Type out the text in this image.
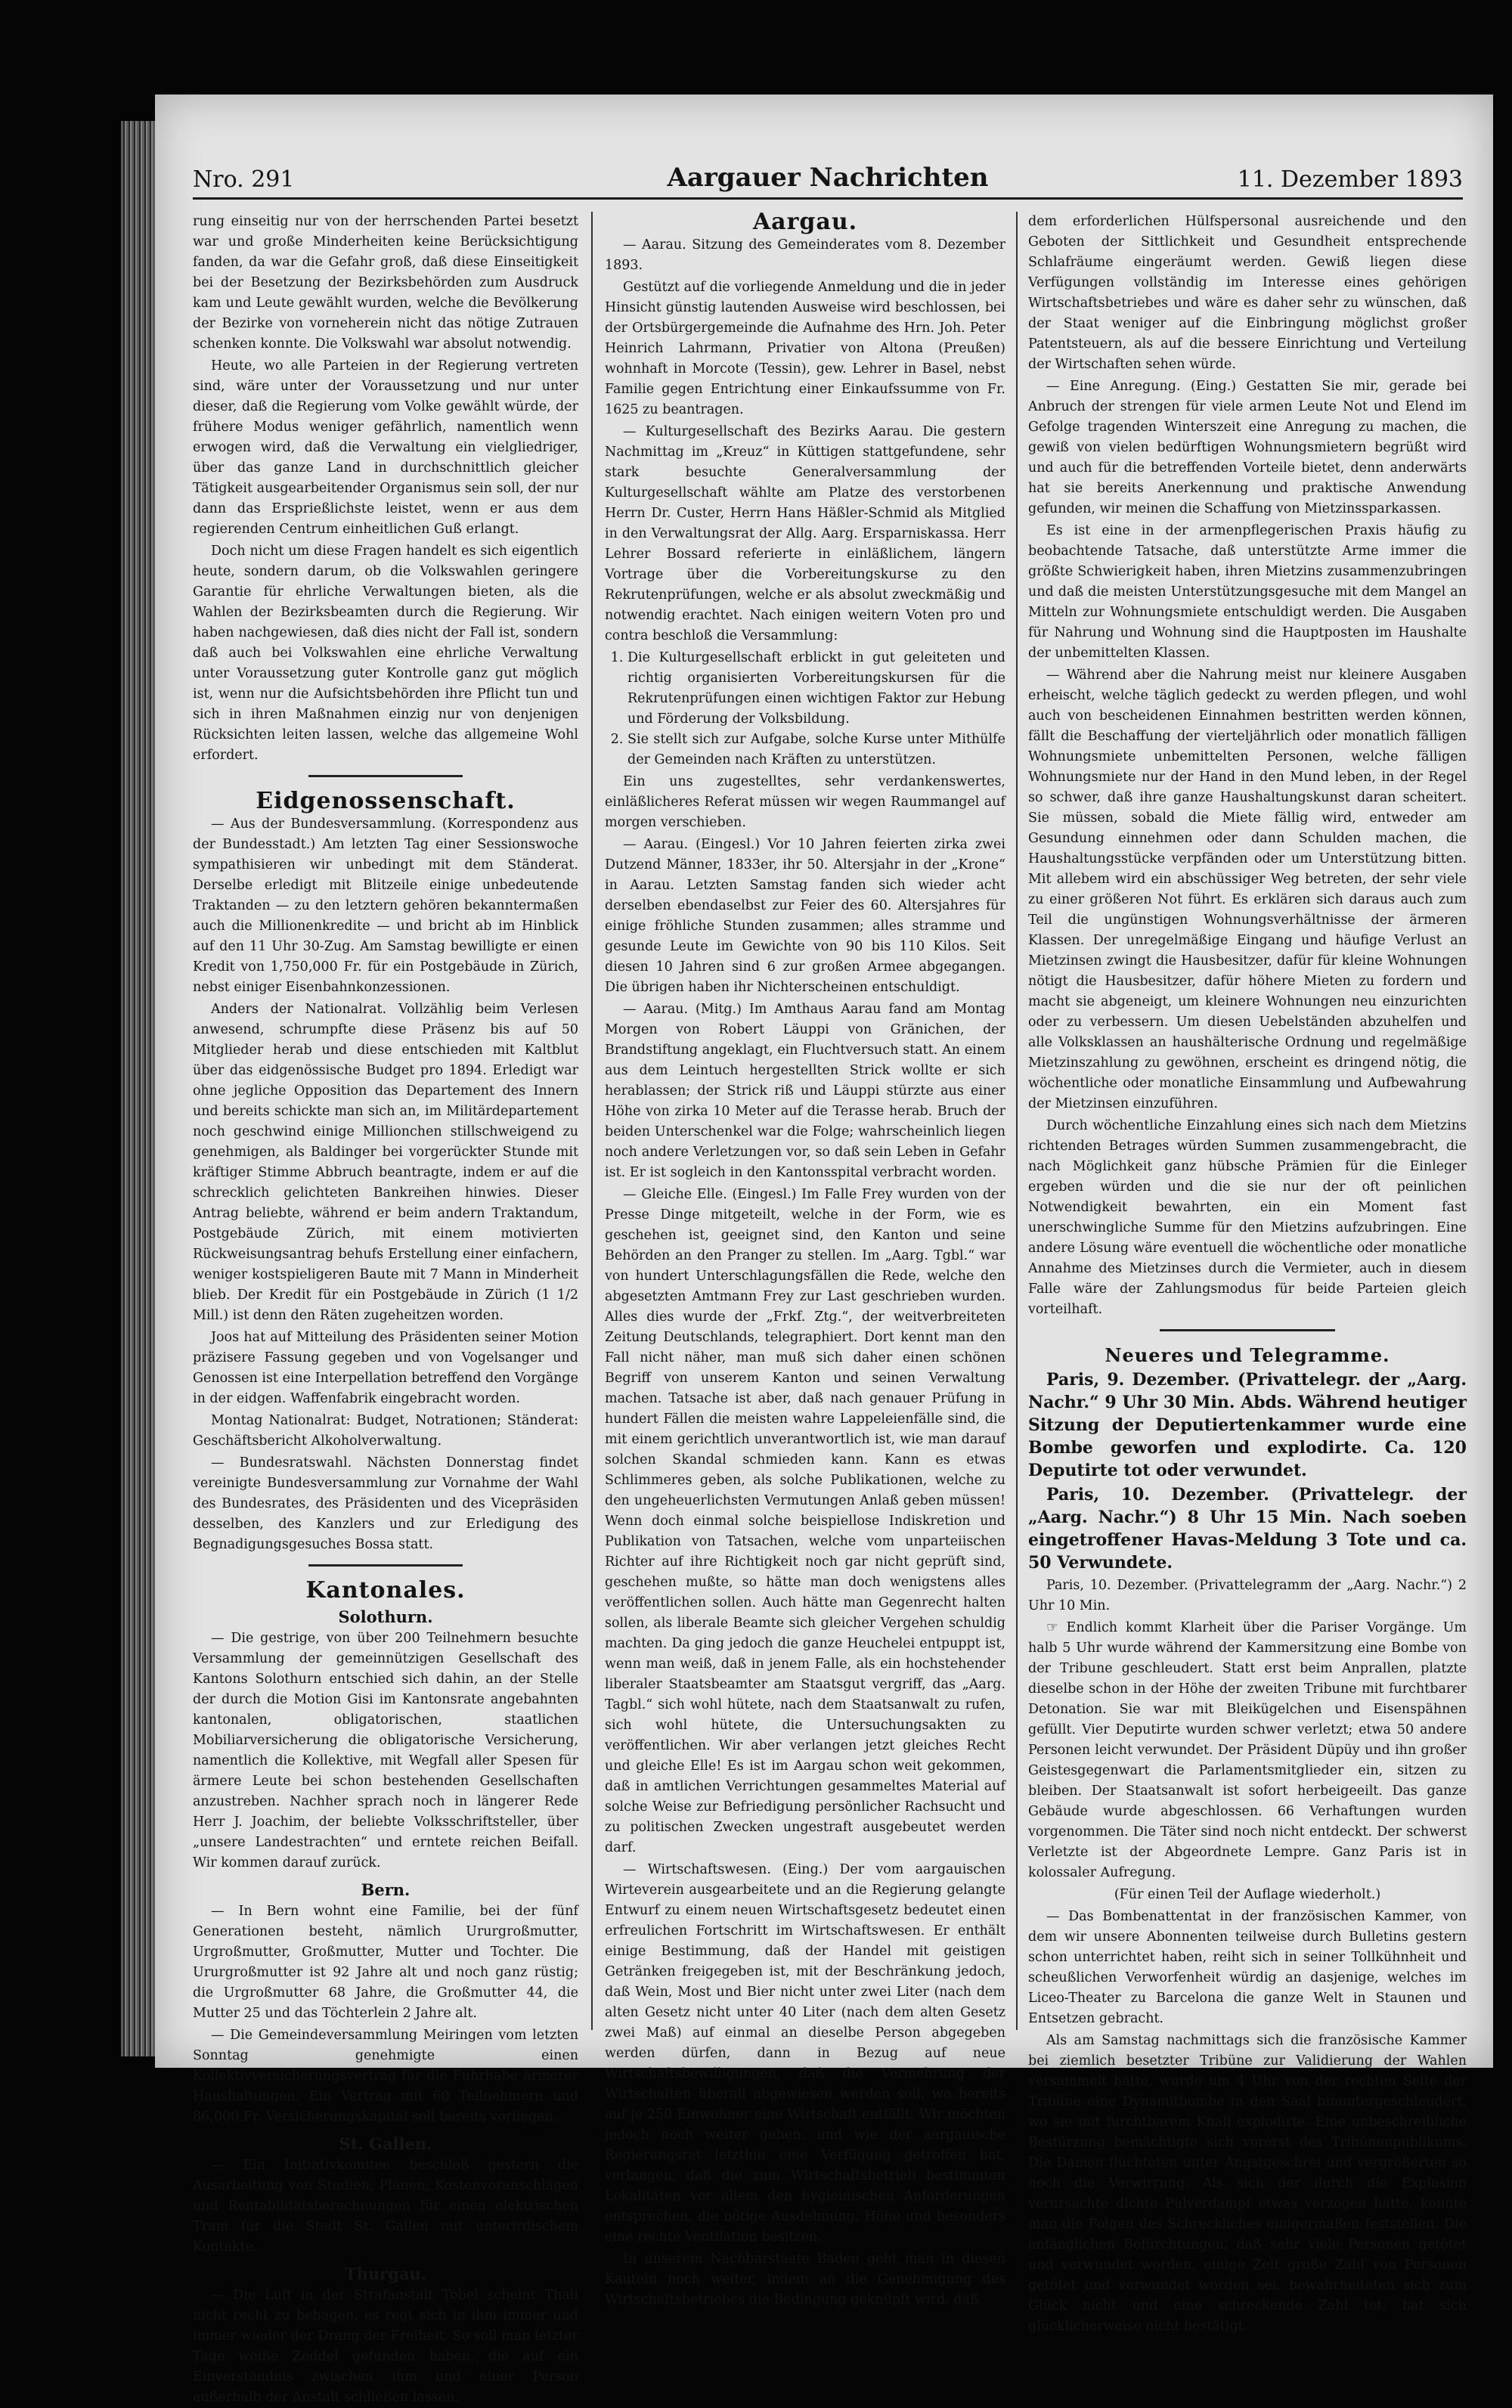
Nro. 291	Aargauer Nachrichten	11. Dezember 1893

rung einseitig nur von der herrschenden Partei besetzt war und große Minderheiten keine Berücksichtigung fanden, da war die Gefahr groß, daß diese Einseitigkeit bei der Besetzung der Bezirksbehörden zum Ausdruck kam und Leute gewählt wurden, welche die Bevölkerung der Bezirke von vorneherein nicht das nötige Zutrauen schenken konnte. Die Volkswahl war absolut notwendig.

Heute, wo alle Parteien in der Regierung vertreten sind, wäre unter der Voraussetzung und nur unter dieser, daß die Regierung vom Volke gewählt würde, der frühere Modus weniger gefährlich, namentlich wenn erwogen wird, daß die Verwaltung ein vielgliedriger, über das ganze Land in durchschnittlich gleicher Tätigkeit ausgearbeitender Organismus sein soll, der nur dann das Ersprießlichste leistet, wenn er aus dem regierenden Centrum einheitlichen Guß erlangt.

Doch nicht um diese Fragen handelt es sich eigentlich heute, sondern darum, ob die Volkswahlen geringere Garantie für ehrliche Verwaltungen bieten, als die Wahlen der Bezirksbeamten durch die Regierung. Wir haben nachgewiesen, daß dies nicht der Fall ist, sondern daß auch bei Volkswahlen eine ehrliche Verwaltung unter Voraussetzung guter Kontrolle ganz gut möglich ist, wenn nur die Aufsichtsbehörden ihre Pflicht tun und sich in ihren Maßnahmen einzig nur von denjenigen Rücksichten leiten lassen, welche das allgemeine Wohl erfordert.

Eidgenossenschaft.

— Aus der Bundesversammlung. (Korrespondenz aus der Bundesstadt.) Am letzten Tag einer Sessionswoche sympathisieren wir unbedingt mit dem Ständerat. Derselbe erledigt mit Blitzeile einige unbedeutende Traktanden — zu den letztern gehören bekanntermaßen auch die Millionenkredite — und bricht ab im Hinblick auf den 11 Uhr 30-Zug. Am Samstag bewilligte er einen Kredit von 1,750,000 Fr. für ein Postgebäude in Zürich, nebst einiger Eisenbahnkonzessionen.

Anders der Nationalrat. Vollzählig beim Verlesen anwesend, schrumpfte diese Präsenz bis auf 50 Mitglieder herab und diese entschieden mit Kaltblut über das eidgenössische Budget pro 1894. Erledigt war ohne jegliche Opposition das Departement des Innern und bereits schickte man sich an, im Militärdepartement noch geschwind einige Millionchen stillschweigend zu genehmigen, als Baldinger bei vorgerückter Stunde mit kräftiger Stimme Abbruch beantragte, indem er auf die schrecklich gelichteten Bankreihen hinwies. Dieser Antrag beliebte, während er beim andern Traktandum, Postgebäude Zürich, mit einem motivierten Rückweisungsantrag behufs Erstellung einer einfachern, weniger kostspieligeren Baute mit 7 Mann in Minderheit blieb. Der Kredit für ein Postgebäude in Zürich (1 1/2 Mill.) ist denn den Räten zugeheitzen worden.

Joos hat auf Mitteilung des Präsidenten seiner Motion präzisere Fassung gegeben und von Vogelsanger und Genossen ist eine Interpellation betreffend den Vorgänge in der eidgen. Waffenfabrik eingebracht worden.

Montag Nationalrat: Budget, Notrationen; Ständerat: Geschäftsbericht Alkoholverwaltung.

— Bundesratswahl. Nächsten Donnerstag findet vereinigte Bundesversammlung zur Vornahme der Wahl des Bundesrates, des Präsidenten und des Vicepräsiden desselben, des Kanzlers und zur Erledigung des Begnadigungsgesuches Bossa statt.

Kantonales.
Solothurn.

— Die gestrige, von über 200 Teilnehmern besuchte Versammlung der gemeinnützigen Gesellschaft des Kantons Solothurn entschied sich dahin, an der Stelle der durch die Motion Gisi im Kantonsrate angebahnten kantonalen, obligatorischen, staatlichen Mobiliarversicherung die obligatorische Versicherung, namentlich die Kollektive, mit Wegfall aller Spesen für ärmere Leute bei schon bestehenden Gesellschaften anzustreben. Nachher sprach noch in längerer Rede Herr J. Joachim, der beliebte Volksschriftsteller, über „unsere Landestrachten“ und erntete reichen Beifall. Wir kommen darauf zurück.

Bern.

— In Bern wohnt eine Familie, bei der fünf Generationen besteht, nämlich Ururgroßmutter, Urgroßmutter, Großmutter, Mutter und Tochter. Die Ururgroßmutter ist 92 Jahre alt und noch ganz rüstig; die Urgroßmutter 68 Jahre, die Großmutter 44, die Mutter 25 und das Töchterlein 2 Jahre alt.

— Die Gemeindeversammlung Meiringen vom letzten Sonntag genehmigte einen Kollektivversicherungsvertrag für die Fuhrhabe ärmerer Haushaltungen. Ein Vertrag mit 60 Teilnehmern und 86,000 Fr. Versicherungskapital soll bereits vorliegen.

St. Gallen.

— Ein Initiativkomitee beschloß gestern die Ausarbeitung von Studien, Plänen, Kostenvoranschlägen und Rentabilitätsberechnungen für einen elektrischen Tram für die Stadt St. Gallen mit unterirdischem Kontakte.

Thurgau.

— Die Luft in der Strafanstalt Tobel scheint Thali nicht recht zu behagen, es regt sich in ihm immer und immer wieder der Drang der Freiheit. So soll man letzter Tage weiße Zeddel gefunden haben, die auf ein Einverständnis zwischen ihm und einer Person außerhalb der Anstalt schließen lassen.

Aargau.

— Aarau. Sitzung des Gemeinderates vom 8. Dezember 1893.

Gestützt auf die vorliegende Anmeldung und die in jeder Hinsicht günstig lautenden Ausweise wird beschlossen, bei der Ortsbürgergemeinde die Aufnahme des Hrn. Joh. Peter Heinrich Lahrmann, Privatier von Altona (Preußen) wohnhaft in Morcote (Tessin), gew. Lehrer in Basel, nebst Familie gegen Entrichtung einer Einkaufssumme von Fr. 1625 zu beantragen.

— Kulturgesellschaft des Bezirks Aarau. Die gestern Nachmittag im „Kreuz“ in Küttigen stattgefundene, sehr stark besuchte Generalversammlung der Kulturgesellschaft wählte am Platze des verstorbenen Herrn Dr. Custer, Herrn Hans Häßler-Schmid als Mitglied in den Verwaltungsrat der Allg. Aarg. Ersparniskassa. Herr Lehrer Bossard referierte in einläßlichem, längern Vortrage über die Vorbereitungskurse zu den Rekrutenprüfungen, welche er als absolut zweckmäßig und notwendig erachtet. Nach einigen weitern Voten pro und contra beschloß die Versammlung:

1. Die Kulturgesellschaft erblickt in gut geleiteten und richtig organisierten Vorbereitungskursen für die Rekrutenprüfungen einen wichtigen Faktor zur Hebung und Förderung der Volksbildung.
2. Sie stellt sich zur Aufgabe, solche Kurse unter Mithülfe der Gemeinden nach Kräften zu unterstützen.

Ein uns zugestelltes, sehr verdankenswertes, einläßlicheres Referat müssen wir wegen Raummangel auf morgen verschieben.

— Aarau. (Eingesl.) Vor 10 Jahren feierten zirka zwei Dutzend Männer, 1833er, ihr 50. Altersjahr in der „Krone“ in Aarau. Letzten Samstag fanden sich wieder acht derselben ebendaselbst zur Feier des 60. Altersjahres für einige fröhliche Stunden zusammen; alles stramme und gesunde Leute im Gewichte von 90 bis 110 Kilos. Seit diesen 10 Jahren sind 6 zur großen Armee abgegangen. Die übrigen haben ihr Nichterscheinen entschuldigt.

— Aarau. (Mitg.) Im Amthaus Aarau fand am Montag Morgen von Robert Läuppi von Gränichen, der Brandstiftung angeklagt, ein Fluchtversuch statt. An einem aus dem Leintuch hergestellten Strick wollte er sich herablassen; der Strick riß und Läuppi stürzte aus einer Höhe von zirka 10 Meter auf die Terasse herab. Bruch der beiden Unterschenkel war die Folge; wahrscheinlich liegen noch andere Verletzungen vor, so daß sein Leben in Gefahr ist. Er ist sogleich in den Kantonsspital verbracht worden.

— Gleiche Elle. (Eingesl.) Im Falle Frey wurden von der Presse Dinge mitgeteilt, welche in der Form, wie es geschehen ist, geeignet sind, den Kanton und seine Behörden an den Pranger zu stellen. Im „Aarg. Tgbl.“ war von hundert Unterschlagungsfällen die Rede, welche den abgesetzten Amtmann Frey zur Last geschrieben wurden. Alles dies wurde der „Frkf. Ztg.“, der weitverbreiteten Zeitung Deutschlands, telegraphiert. Dort kennt man den Fall nicht näher, man muß sich daher einen schönen Begriff von unserem Kanton und seinen Verwaltung machen. Tatsache ist aber, daß nach genauer Prüfung in hundert Fällen die meisten wahre Lappeleienfälle sind, die mit einem gerichtlich unverantwortlich ist, wie man darauf solchen Skandal schmieden kann. Kann es etwas Schlimmeres geben, als solche Publikationen, welche zu den ungeheuerlichsten Vermutungen Anlaß geben müssen! Wenn doch einmal solche beispiellose Indiskretion und Publikation von Tatsachen, welche vom unparteiischen Richter auf ihre Richtigkeit noch gar nicht geprüft sind, geschehen mußte, so hätte man doch wenigstens alles veröffentlichen sollen. Auch hätte man Gegenrecht halten sollen, als liberale Beamte sich gleicher Vergehen schuldig machten. Da ging jedoch die ganze Heuchelei entpuppt ist, wenn man weiß, daß in jenem Falle, als ein hochstehender liberaler Staatsbeamter am Staatsgut vergriff, das „Aarg. Tagbl.“ sich wohl hütete, nach dem Staatsanwalt zu rufen, sich wohl hütete, die Untersuchungsakten zu veröffentlichen. Wir aber verlangen jetzt gleiches Recht und gleiche Elle! Es ist im Aargau schon weit gekommen, daß in amtlichen Verrichtungen gesammeltes Material auf solche Weise zur Befriedigung persönlicher Rachsucht und zu politischen Zwecken ungestraft ausgebeutet werden darf.

— Wirtschaftswesen. (Eing.) Der vom aargauischen Wirteverein ausgearbeitete und an die Regierung gelangte Entwurf zu einem neuen Wirtschaftsgesetz bedeutet einen erfreulichen Fortschritt im Wirtschaftswesen. Er enthält einige Bestimmung, daß der Handel mit geistigen Getränken freigegeben ist, mit der Beschränkung jedoch, daß Wein, Most und Bier nicht unter zwei Liter (nach dem alten Gesetz nicht unter 40 Liter (nach dem alten Gesetz zwei Maß) auf einmal an dieselbe Person abgegeben werden dürfen, dann in Bezug auf neue Wirtschaftsbewilligungen, daß die Vermehrung der Wirtschaften überall abgewiesen werden soll, wo bereits auf je 250 Einwohner eine Wirtschaft entfällt. Wir möchten jedoch noch weiter gehen, und wie der aargauische Regierungsrat letzthin eine Verfügung getroffen hat, verlangen, daß die zum Wirtschaftsbetrieb bestimmten Lokalitäten vor allem den hygieinischen Anforderungen entsprechen, die nötige Ausdehnung, Höhe und besonders eine rechte Ventilation besitzen.

In unserem Nachbarstaate Baden geht man in diesen Kauteln noch weiter, indem an die Genehmigung des Wirtschaftsbetriebes die Bedingung geknüpft wird, daß

dem erforderlichen Hülfspersonal ausreichende und den Geboten der Sittlichkeit und Gesundheit entsprechende Schlafräume eingeräumt werden. Gewiß liegen diese Verfügungen vollständig im Interesse eines gehörigen Wirtschaftsbetriebes und wäre es daher sehr zu wünschen, daß der Staat weniger auf die Einbringung möglichst großer Patentsteuern, als auf die bessere Einrichtung und Verteilung der Wirtschaften sehen würde.

— Eine Anregung. (Eing.) Gestatten Sie mir, gerade bei Anbruch der strengen für viele armen Leute Not und Elend im Gefolge tragenden Winterszeit eine Anregung zu machen, die gewiß von vielen bedürftigen Wohnungsmietern begrüßt wird und auch für die betreffenden Vorteile bietet, denn anderwärts hat sie bereits Anerkennung und praktische Anwendung gefunden, wir meinen die Schaffung von Mietzinssparkassen.

Es ist eine in der armenpflegerischen Praxis häufig zu beobachtende Tatsache, daß unterstützte Arme immer die größte Schwierigkeit haben, ihren Mietzins zusammenzubringen und daß die meisten Unterstützungsgesuche mit dem Mangel an Mitteln zur Wohnungsmiete entschuldigt werden. Die Ausgaben für Nahrung und Wohnung sind die Hauptposten im Haushalte der unbemittelten Klassen.

— Während aber die Nahrung meist nur kleinere Ausgaben erheischt, welche täglich gedeckt zu werden pflegen, und wohl auch von bescheidenen Einnahmen bestritten werden können, fällt die Beschaffung der vierteljährlich oder monatlich fälligen Wohnungsmiete unbemittelten Personen, welche fälligen Wohnungsmiete nur der Hand in den Mund leben, in der Regel so schwer, daß ihre ganze Haushaltungskunst daran scheitert. Sie müssen, sobald die Miete fällig wird, entweder am Gesundung einnehmen oder dann Schulden machen, die Haushaltungsstücke verpfänden oder um Unterstützung bitten. Mit allebem wird ein abschüssiger Weg betreten, der sehr viele zu einer größeren Not führt. Es erklären sich daraus auch zum Teil die ungünstigen Wohnungsverhältnisse der ärmeren Klassen. Der unregelmäßige Eingang und häufige Verlust an Mietzinsen zwingt die Hausbesitzer, dafür für kleine Wohnungen nötigt die Hausbesitzer, dafür höhere Mieten zu fordern und macht sie abgeneigt, um kleinere Wohnungen neu einzurichten oder zu verbessern. Um diesen Uebelständen abzuhelfen und alle Volksklassen an haushälterische Ordnung und regelmäßige Mietzinszahlung zu gewöhnen, erscheint es dringend nötig, die wöchentliche oder monatliche Einsammlung und Aufbewahrung der Mietzinsen einzuführen.

Durch wöchentliche Einzahlung eines sich nach dem Mietzins richtenden Betrages würden Summen zusammengebracht, die nach Möglichkeit ganz hübsche Prämien für die Einleger ergeben würden und die sie nur der oft peinlichen Notwendigkeit bewahrten, ein ein Moment fast unerschwingliche Summe für den Mietzins aufzubringen. Eine andere Lösung wäre eventuell die wöchentliche oder monatliche Annahme des Mietzinses durch die Vermieter, auch in diesem Falle wäre der Zahlungsmodus für beide Parteien gleich vorteilhaft.

Neueres und Telegramme.

Paris, 9. Dezember. (Privattelegr. der „Aarg. Nachr.“ 9 Uhr 30 Min. Abds. Während heutiger Sitzung der Deputiertenkammer wurde eine Bombe geworfen und explodirte. Ca. 120 Deputirte tot oder verwundet.

Paris, 10. Dezember. (Privattelegr. der „Aarg. Nachr.“) 8 Uhr 15 Min. Nach soeben eingetroffener Havas-Meldung 3 Tote und ca. 50 Verwundete.

Paris, 10. Dezember. (Privattelegramm der „Aarg. Nachr.“) 2 Uhr 10 Min.

☞ Endlich kommt Klarheit über die Pariser Vorgänge. Um halb 5 Uhr wurde während der Kammersitzung eine Bombe von der Tribune geschleudert. Statt erst beim Anprallen, platzte dieselbe schon in der Höhe der zweiten Tribune mit furchtbarer Detonation. Sie war mit Bleikügelchen und Eisenspähnen gefüllt. Vier Deputirte wurden schwer verletzt; etwa 50 andere Personen leicht verwundet. Der Präsident Düpüy und ihn großer Geistesgegenwart die Parlamentsmitglieder ein, sitzen zu bleiben. Der Staatsanwalt ist sofort herbeigeeilt. Das ganze Gebäude wurde abgeschlossen. 66 Verhaftungen wurden vorgenommen. Die Täter sind noch nicht entdeckt. Der schwerst Verletzte ist der Abgeordnete Lempre. Ganz Paris ist in kolossaler Aufregung.

(Für einen Teil der Auflage wiederholt.)

— Das Bombenattentat in der französischen Kammer, von dem wir unsere Abonnenten teilweise durch Bulletins gestern schon unterrichtet haben, reiht sich in seiner Tollkühnheit und scheußlichen Verworfenheit würdig an dasjenige, welches im Liceo-Theater zu Barcelona die ganze Welt in Staunen und Entsetzen gebracht.

Als am Samstag nachmittags sich die französische Kammer bei ziemlich besetzter Tribüne zur Validierung der Wahlen versammelt hatte, wurde um 4 Uhr von der rechten Seite der Tribüne eine Dynamitbombe in den Saal hinuntergeschleudert, wo sie mit furchtbarem Knall explodirte. Eine unbeschreibliche Bestürzung bemächtigte sich vorerst des Tribünenpublikums. Die Damen flüchteten unter Angstgeschrei und vergrößerten so noch die Verwirrung. Als sich der durch die Explosion verursachte dichte Pulverdampf etwas verzogen hatte, konnte man die Folgen des Schreckliches einigermaßen feststellen. Die anfänglichen Befürchtungen, daß sehr viele Personen getötet und verwundet worden, einige Zeit große Zahl von Personen getötet und verwundet worden sei, bewahrheiteten sich zum Glück nicht und eine schreckende Zahl tot, hat sich glücklicherweise nicht bestätigt.
